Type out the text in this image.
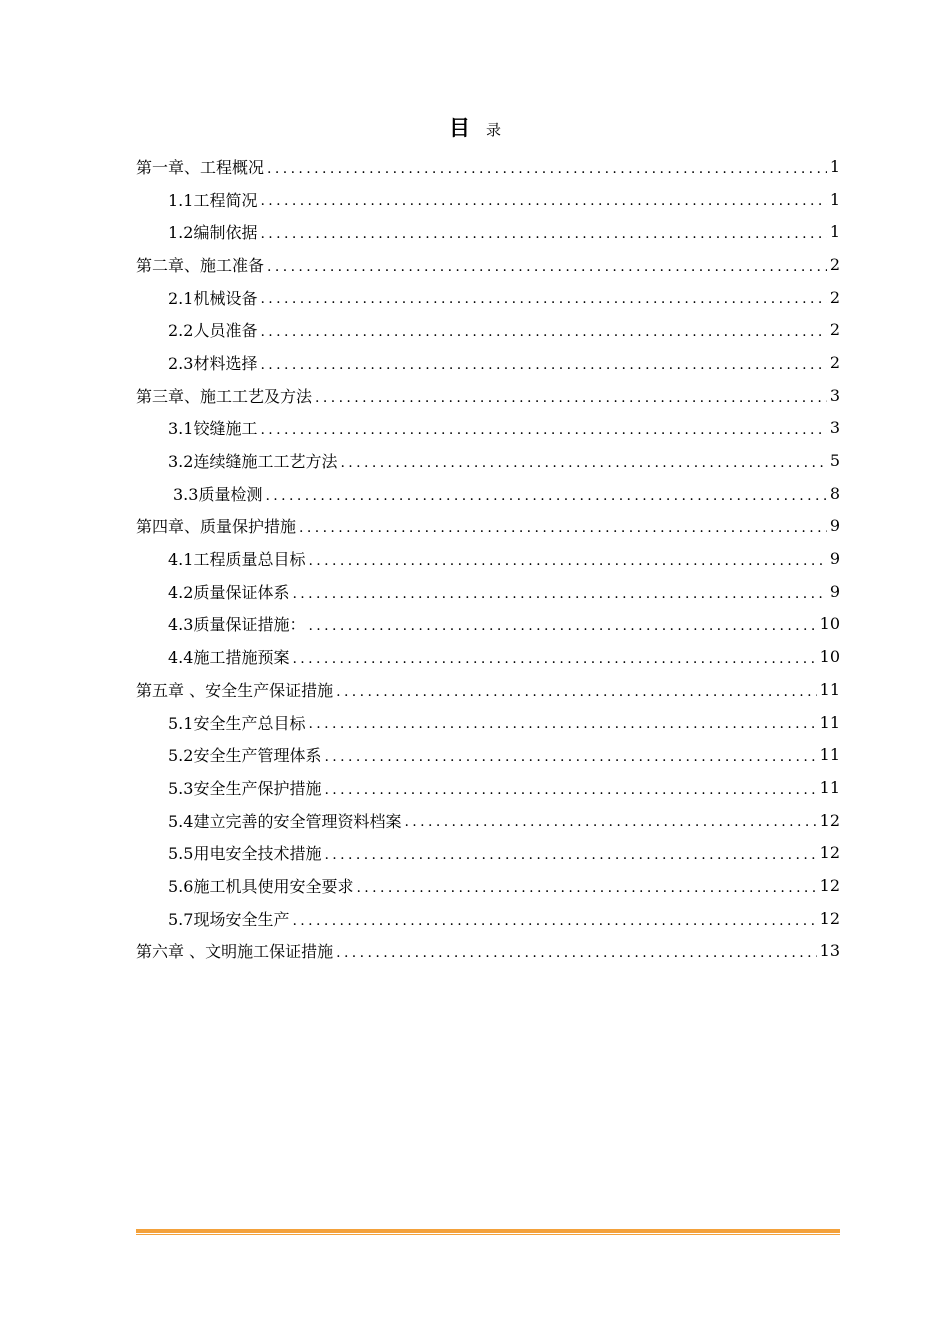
目 录
第一章、工程概况 .....	1
1.1工程简况 .....	1
1.2编制依据 .....	1
第二章、施工准备 .....	2
2.1机械设备 .....	2
2.2人员准备 .....	2
2.3材料选择 .....	2
第三章、施工工艺及方法 .....	3
3.1铰缝施工 .....	3
3.2连续缝施工工艺方法 .....	5
3.3质量检测 .....	8
第四章、质量保护措施 .....	9
4.1工程质量总目标 .....	9
4.2质量保证体系 .....	9
4.3质量保证措施： .....	10
4.4施工措施预案 .....	10
第五章 、安全生产保证措施 .....	11
5.1安全生产总目标 .....	11
5.2安全生产管理体系 .....	11
5.3安全生产保护措施 .....	11
5.4建立完善的安全管理资料档案 .....	12
5.5用电安全技术措施 .....	12
5.6施工机具使用安全要求 .....	12
5.7现场安全生产 .....	12
第六章 、文明施工保证措施 .....	13
